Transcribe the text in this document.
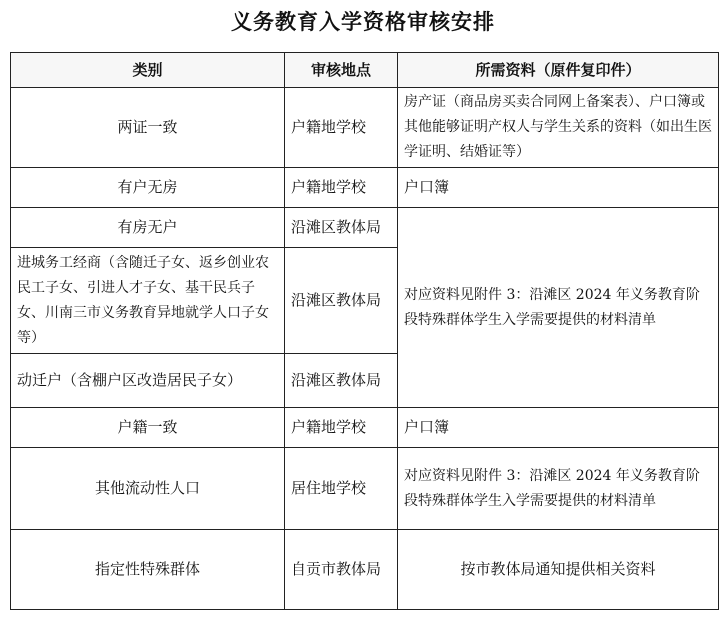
义务教育入学资格审核安排
类别	审核地点	所需资料（原件复印件）
两证一致	户籍地学校	房产证（商品房买卖合同网上备案表）、户口簿或其他能够证明产权人与学生关系的资料（如出生医学证明、结婚证等）
有户无房	户籍地学校	户口簿
有房无户	沿滩区教体局	对应资料见附件 3：沿滩区 2024 年义务教育阶段特殊群体学生入学需要提供的材料清单
进城务工经商（含随迁子女、返乡创业农民工子女、引进人才子女、基干民兵子女、川南三市义务教育异地就学人口子女等）	沿滩区教体局	
动迁户（含棚户区改造居民子女）	沿滩区教体局	
户籍一致	户籍地学校	户口簿
其他流动性人口	居住地学校	对应资料见附件 3：沿滩区 2024 年义务教育阶段特殊群体学生入学需要提供的材料清单
指定性特殊群体	自贡市教体局	按市教体局通知提供相关资料
